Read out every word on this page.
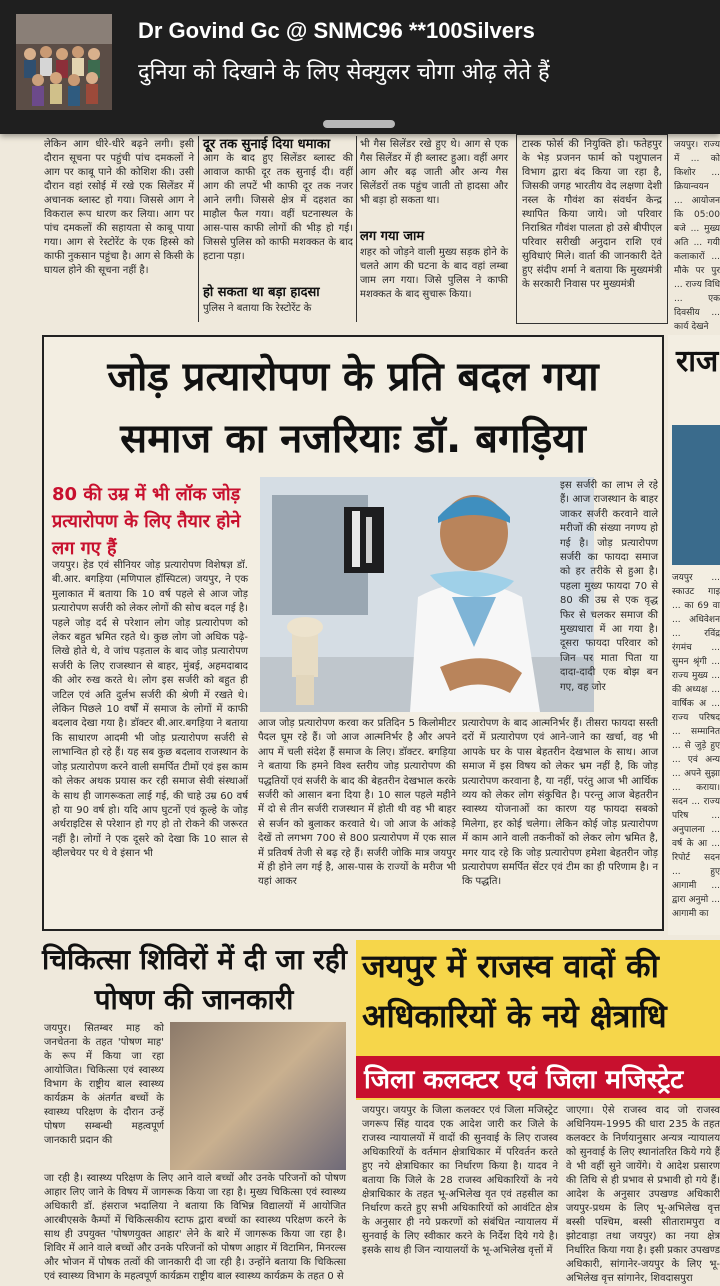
लेकिन आग धीरे-धीरे बढ़ने लगी। इसी दौरान सूचना पर पहुंची पांच दमकलों ने आग पर काबू पाने की कोशिश की। उसी दौरान वहां रसोई में रखे एक सिलेंडर में अचानक ब्लास्ट हो गया। जिससे आग ने विकराल रूप धारण कर लिया। आग पर पांच दमकलों की सहायता से काबू पाया गया। आग से रेस्टोरेंट के एक हिस्से को काफी नुकसान पहुंचा है। आग से किसी के घायल होने की सूचना नहीं है।
दूर तक सुनाई दिया धमाका
आग के बाद हुए सिलेंडर ब्लास्ट की आवाज काफी दूर तक सुनाई दी। वहीं आग की लपटें भी काफी दूर तक नजर आने लगी। जिससे क्षेत्र में दहशत का माहौल फैल गया। वहीं घटनास्थल के आस-पास काफी लोगों की भीड़ हो गई। जिससे पुलिस को काफी मशक्कत के बाद हटाना पड़ा।
हो सकता था बड़ा हादसा
पुलिस ने बताया कि रेस्टोरेंट के
भी गैस सिलेंडर रखे हुए थे। आग से एक गैस सिलेंडर में ही ब्लास्ट हुआ। वहीं अगर आग और बढ़ जाती और अन्य गैस सिलेंडरों तक पहुंच जाती तो हादसा और भी बड़ा हो सकता था।
लग गया जाम
शहर को जोड़ने वाली मुख्य सड़क होने के चलते आग की घटना के बाद वहां लम्बा जाम लग गया। जिसे पुलिस ने काफी मशक्कत के बाद सुचारू किया।
टास्क फोर्स की नियुक्ति हो। फतेहपुर के भेड़ प्रजनन फार्म को पशुपालन विभाग द्वारा बंद किया जा रहा है, जिसकी जगह भारतीय वेद लक्षणा देशी नस्ल के गौवंश का संवर्धन केन्द्र स्थापित किया जाये। जो परिवार निराश्रित गौवंश पालता हो उसे बीपीएल परिवार सरीखी अनुदान राशि एवं सुविधाएं मिले। वार्ता की जानकारी देते हुए संदीप शर्मा ने बताया कि मुख्यमंत्री के सरकारी निवास पर मुख्यमंत्री
जयपुर। राज्य में ... को किशोर ... क्रियान्वयन ... आयोजन कि 05:00 बजे ... मुख्य अति ... गयी कलाकारों ... मौके पर पुर ... राज्य विधि ... एक दिवसीय ... कार्य देखने
जोड़ प्रत्यारोपण के प्रति बदल गया
समाज का नजरियाः डॉ. बगड़िया
80 की उम्र में भी लॉक जोड़ प्रत्यारोपण के लिए तैयार होने लग गए हैं
जयपुर। हेड एवं सीनियर जोड़ प्रत्यारोपण विशेषज्ञ डॉ. बी.आर. बगड़िया (मणिपाल हॉस्पिटल) जयपुर, ने एक मुलाकात में बताया कि 10 वर्ष पहले से आज जोड़ प्रत्यारोपण सर्जरी को लेकर लोगों की सोच बदल गई है। पहले जोड़ दर्द से परेशान लोग जोड़ प्रत्यारोपण को लेकर बहुत भ्रमित रहते थे। कुछ लोग जो अधिक पढ़े-लिखे होते थे, वे जांच पड़ताल के बाद जोड़ प्रत्यारोपण सर्जरी के लिए राजस्थान से बाहर, मुंबई, अहमदाबाद की ओर रुख करते थे। लोग इस सर्जरी को बहुत ही जटिल एवं अति दुर्लभ सर्जरी की श्रेणी में रखते थे। लेकिन पिछले 10 वर्षों में समाज के लोगों में काफी बदलाव देखा गया है। डॉक्टर बी.आर.बगड़िया ने बताया कि साधारण आदमी भी जोड़ प्रत्यारोपण सर्जरी से लाभान्वित हो रहे हैं। यह सब कुछ बदलाव राजस्थान के जोड़ प्रत्यारोपण करने वाली समर्पित टीमों एवं इस काम को लेकर अथक प्रयास कर रही समाज सेवी संस्थाओं के साथ ही जागरूकता लाई गई, की चाहे उम्र 60 वर्ष हो या 90 वर्ष हो। यदि आप घुटनों एवं कूल्हे के जोड़ अर्थराइटिस से परेशान हो गए हो तो रोकने की जरूरत नहीं है। लोगों ने एक दूसरे को देखा कि 10 साल से व्हीलचेयर पर थे वे इंसान भी
इस सर्जरी का लाभ ले रहे हैं। आज राजस्थान के बाहर जाकर सर्जरी करवाने वाले मरीजों की संख्या नगण्य हो गई है। जोड़ प्रत्यारोपण सर्जरी का फायदा समाज को हर तरीके से हुआ है। पहला मुख्य फायदा 70 से 80 की उम्र से एक वृद्ध फिर से चलकर समाज की मुख्यधारा में आ गया है। दूसरा फायदा परिवार को जिन पर माता पिता या दादा-दादी एक बोझ बन गए, वह जोर
आज जोड़ प्रत्यारोपण करवा कर प्रतिदिन 5 किलोमीटर पैदल घूम रहे हैं। जो आज आत्मनिर्भर है और अपने आप में चली संदेश हैं समाज के लिए। डॉक्टर. बगड़िया ने बताया कि हमने विश्व स्तरीय जोड़ प्रत्यारोपण की पद्धतियों एवं सर्जरी के बाद की बेहतरीन देखभाल करके सर्जरी को आसान बना दिया है। 10 साल पहले महीने में दो से तीन सर्जरी राजस्थान में होती थी वह भी बाहर से सर्जन को बुलाकर करवाते थे। जो आज के आंकड़े देखें तो लगभग 700 से 800 प्रत्यारोपण में एक साल में प्रतिवर्ष तेजी से बढ़ रहे हैं। सर्जरी जोकि मात्र जयपुर में ही होने लग गई है, आस-पास के राज्यों के मरीज भी यहां आकर
प्रत्यारोपण के बाद आत्मनिर्भर हैं। तीसरा फायदा सस्ती दरों में प्रत्यारोपण एवं आने-जाने का खर्चा, वह भी आपके घर के पास बेहतरीन देखभाल के साथ। आज समाज में इस विषय को लेकर भ्रम नहीं है, कि जोड़ प्रत्यारोपण करवाना है, या नहीं, परंतु आज भी आर्थिक व्यय को लेकर लोग संकुचित है। परन्तु आज बेहतरीन स्वास्थ्य योजनाओं का कारण यह फायदा सबको मिलेगा, हर कोई चलेगा। लेकिन कोई जोड़ प्रत्यारोपण में काम आने वाली तकनीकों को लेकर लोग भ्रमित है, मगर याद रहे कि जोड़ प्रत्यारोपण हमेशा बेहतरीन जोड़ प्रत्यारोपण समर्पित सेंटर एवं टीम का ही परिणाम है। न कि पद्धति।
राज
जयपुर ... स्काउट गाइ ... का 69 वा ... अधिवेशन ... रविंद्र रंगमंच ... सुमन श्रृंगी ... राज्य मुख्य ... की अध्यक्ष ... वार्षिक अ ... राज्य परिषद ... सम्मानित ... से जुड़े हुए ... एवं अन्य ... अपने सुझा ... कराया। सदन ... राज्य परिष ... अनुपालना ... वर्ष के आ ... रिपोर्ट सदन ... हुए आगामी ... द्वारा अनुमो ... आगामी का
चिकित्सा शिविरों में दी जा रही
पोषण की जानकारी
जयपुर। सितम्बर माह को जनचेतना के तहत 'पोषण माह' के रूप में किया जा रहा आयोजित। चिकित्सा एवं स्वास्थ्य विभाग के राष्ट्रीय बाल स्वास्थ्य कार्यक्रम के अंतर्गत बच्चों के स्वास्थ्य परिक्षण के दौरान उन्हें पोषण सम्बन्धी महत्वपूर्ण जानकारी प्रदान की
जा रही है। स्वास्थ्य परिक्षण के लिए आने वाले बच्चों और उनके परिजनों को पोषण आहार लिए जाने के विषय में जागरूक किया जा रहा है। मुख्य चिकित्सा एवं स्वास्थ्य अधिकारी डॉ. हंसराज भदालिया ने बताया कि विभिन्न विद्यालयों में आयोजित आरबीएसके कैम्पों में चिकित्सकीय स्टाफ द्वारा बच्चों का स्वास्थ्य परिक्षण करने के साथ ही उपयुक्त 'पोषणयुक्त आहार' लेने के बारे में जागरूक किया जा रहा है। शिविर में आने वाले बच्चों और उनके परिजनों को पोषण आहार में विटामिन, मिनरल्स और भोजन में पोषक तत्वों की जानकारी दी जा रही है। उन्होंने बताया कि चिकित्सा एवं स्वास्थ्य विभाग के महत्वपूर्ण कार्यक्रम राष्ट्रीय बाल स्वास्थ्य कार्यक्रम के तहत 0 से
जयपुर में राजस्व वादों की
अधिकारियों के नये क्षेत्राधि
जिला कलक्टर एवं जिला मजिस्ट्रेट
जयपुर। जयपुर के जिला कलक्टर एवं जिला मजिस्ट्रेट जगरूप सिंह यादव एक आदेश जारी कर जिले के राजस्व न्यायालयों में वादों की सुनवाई के लिए राजस्व अधिकारियों के वर्तमान क्षेत्राधिकार में परिवर्तन करते हुए नये क्षेत्राधिकार का निर्धारण किया है। यादव ने बताया कि जिले के 28 राजस्व अधिकारियों के नये क्षेत्राधिकार के तहत भू-अभिलेख वृत एवं तहसील का निर्धारण करते हुए सभी अधिकारियों को आवंटित क्षेत्र के अनुसार ही नये प्रकरणों को संबंधित न्यायालय में सुनवाई के लिए स्वीकार करने के निर्देश दिये गये है। इसके साथ ही जिन न्यायालयों के भू-अभिलेख वृत्तों में
जाएगा। ऐसे राजस्व वाद जो राजस्व अधिनियम-1995 की धारा 235 के तहत कलक्टर के निर्णयानुसार अन्यत्र न्यायालय को सुनवाई के लिए स्थानांतरित किये गये हैं वे भी वहीं सुने जायेंगे। ये आदेश प्रसारण की तिथि से ही प्रभाव से प्रभावी हो गये हैं। आदेश के अनुसार उपखण्ड अधिकारी जयपुर-प्रथम के लिए भू-अभिलेख वृत्त बस्सी पश्चिम, बस्सी सीतारामपुरा व झोटवाड़ा तथा जयपुर) का नया क्षेत्र निर्धारित किया गया है। इसी प्रकार उपखण्ड अधिकारी, सांगानेर-जयपुर के लिए भू-अभिलेख वृत्त सांगानेर, शिवदासपुरा
Dr Govind Gc @ SNMC96 **100Silvers
दुनिया को दिखाने के लिए सेक्युलर चोगा ओढ़ लेते हैं
